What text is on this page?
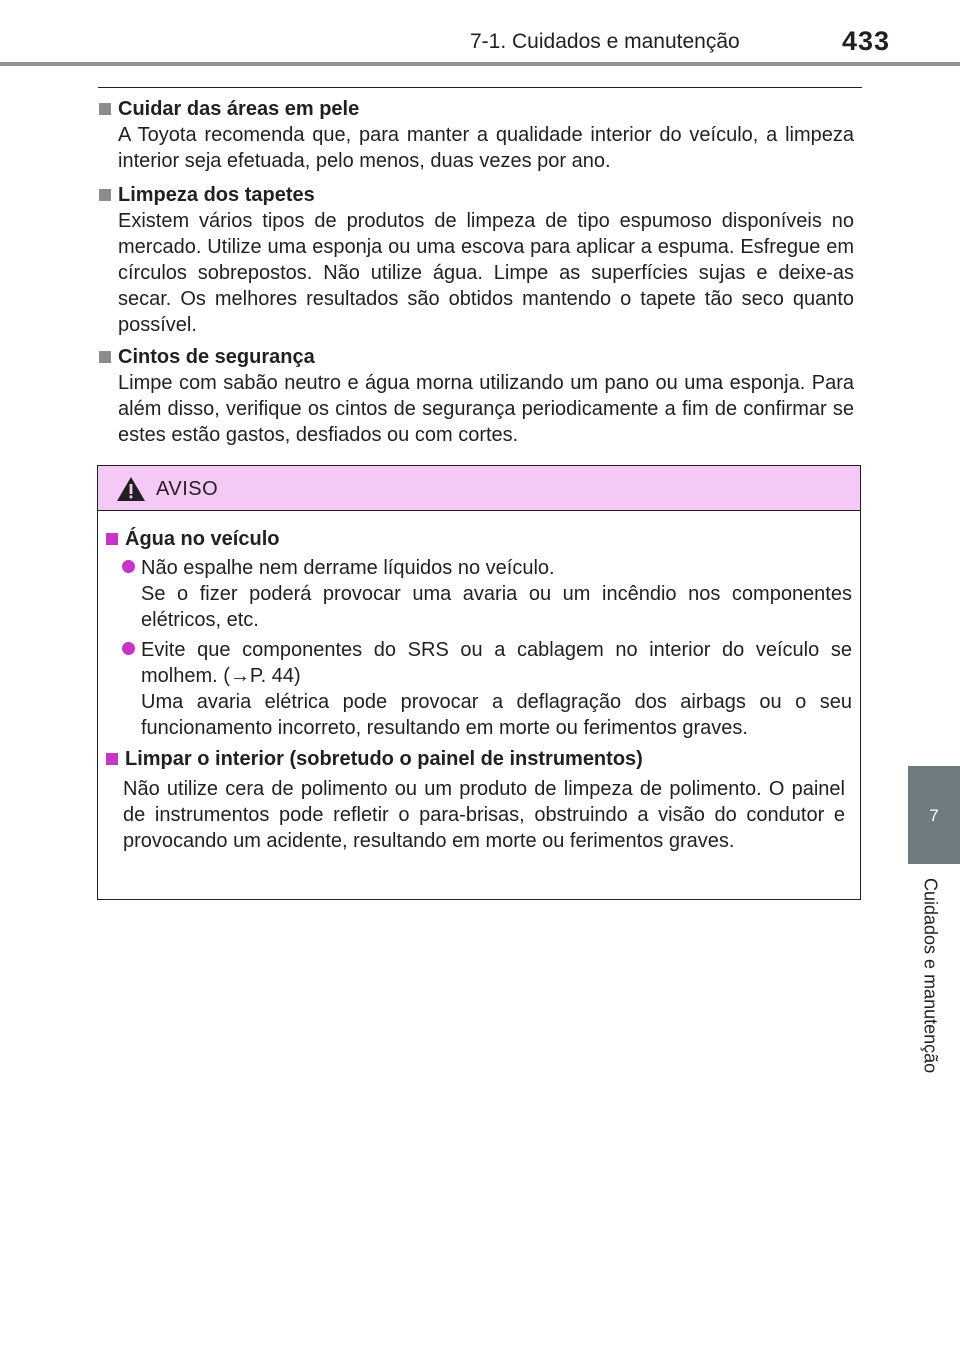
7-1. Cuidados e manutenção	433
7
Cuidados e manutenção
Cuidar das áreas em pele
A Toyota recomenda que, para manter a qualidade interior do veículo, a limpeza interior seja efetuada, pelo menos, duas vezes por ano.
Limpeza dos tapetes
Existem vários tipos de produtos de limpeza de tipo espumoso disponíveis no mercado. Utilize uma esponja ou uma escova para aplicar a espuma. Esfregue em círculos sobrepostos. Não utilize água. Limpe as superfícies sujas e deixe-as secar. Os melhores resultados são obtidos mantendo o tapete tão seco quanto possível.
Cintos de segurança
Limpe com sabão neutro e água morna utilizando um pano ou uma esponja. Para além disso, verifique os cintos de segurança periodicamente a fim de confirmar se estes estão gastos, desfiados ou com cortes.
AVISO
Água no veículo
Não espalhe nem derrame líquidos no veículo.
Se o fizer poderá provocar uma avaria ou um incêndio nos componentes elétricos, etc.
Evite que componentes do SRS ou a cablagem no interior do veículo se molhem. (→P. 44)
Uma avaria elétrica pode provocar a deflagração dos airbags ou o seu funcionamento incorreto, resultando em morte ou ferimentos graves.
Limpar o interior (sobretudo o painel de instrumentos)
Não utilize cera de polimento ou um produto de limpeza de polimento. O painel de instrumentos pode refletir o para-brisas, obstruindo a visão do condutor e provocando um acidente, resultando em morte ou ferimentos graves.
